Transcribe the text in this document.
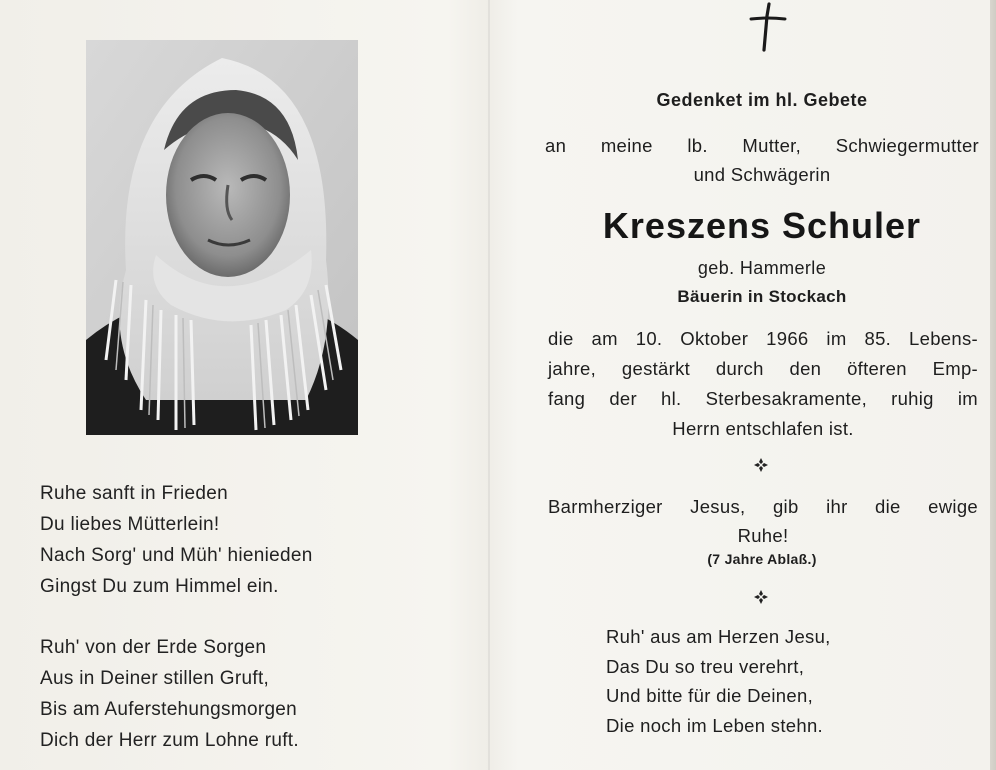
Ruhe sanft in Frieden
Du liebes Mütterlein!
Nach Sorg' und Müh' hienieden
Gingst Du zum Himmel ein.
Ruh' von der Erde Sorgen
Aus in Deiner stillen Gruft,
Bis am Auferstehungsmorgen
Dich der Herr zum Lohne ruft.
Gedenket im hl. Gebete
an meine lb. Mutter, Schwiegermutter
und Schwägerin
Kreszens Schuler
geb. Hammerle
Bäuerin in Stockach
die am 10. Oktober 1966 im 85. Lebens-
jahre, gestärkt durch den öfteren Emp-
fang der hl. Sterbesakramente, ruhig im
Herrn entschlafen ist.
Barmherziger Jesus, gib ihr die ewige
Ruhe!
(7 Jahre Ablaß.)
Ruh' aus am Herzen Jesu,
Das Du so treu verehrt,
Und bitte für die Deinen,
Die noch im Leben stehn.
